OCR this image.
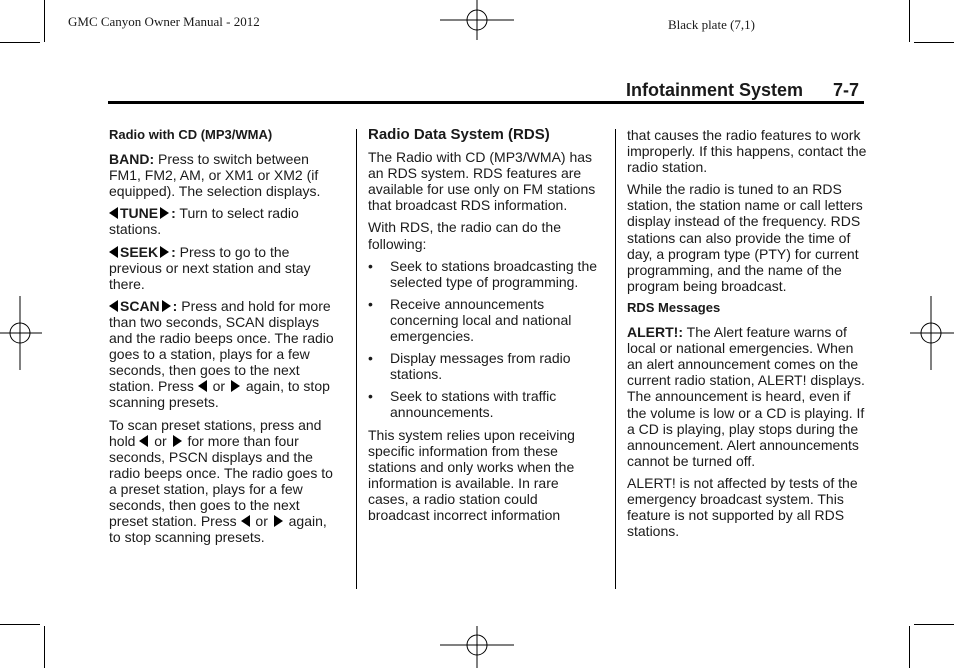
GMC Canyon Owner Manual - 2012	Black plate (7,1)
Infotainment System 7-7

Radio with CD (MP3/WMA)

BAND: Press to switch between FM1, FM2, AM, or XM1 or XM2 (if equipped). The selection displays.

TUNE : Turn to select radio stations.

SEEK : Press to go to the previous or next station and stay there.

SCAN : Press and hold for more than two seconds, SCAN displays and the radio beeps once. The radio goes to a station, plays for a few seconds, then goes to the next station. Press  or  again, to stop scanning presets.

To scan preset stations, press and hold  or  for more than four seconds, PSCN displays and the radio beeps once. The radio goes to a preset station, plays for a few seconds, then goes to the next preset station. Press  or  again, to stop scanning presets.

Radio Data System (RDS)

The Radio with CD (MP3/WMA) has an RDS system. RDS features are available for use only on FM stations that broadcast RDS information.

With RDS, the radio can do the following:

• Seek to stations broadcasting the selected type of programming.
• Receive announcements concerning local and national emergencies.
• Display messages from radio stations.
• Seek to stations with traffic announcements.

This system relies upon receiving specific information from these stations and only works when the information is available. In rare cases, a radio station could broadcast incorrect information

that causes the radio features to work improperly. If this happens, contact the radio station.

While the radio is tuned to an RDS station, the station name or call letters display instead of the frequency. RDS stations can also provide the time of day, a program type (PTY) for current programming, and the name of the program being broadcast.

RDS Messages

ALERT!: The Alert feature warns of local or national emergencies. When an alert announcement comes on the current radio station, ALERT! displays. The announcement is heard, even if the volume is low or a CD is playing. If a CD is playing, play stops during the announcement. Alert announcements cannot be turned off.

ALERT! is not affected by tests of the emergency broadcast system. This feature is not supported by all RDS stations.
